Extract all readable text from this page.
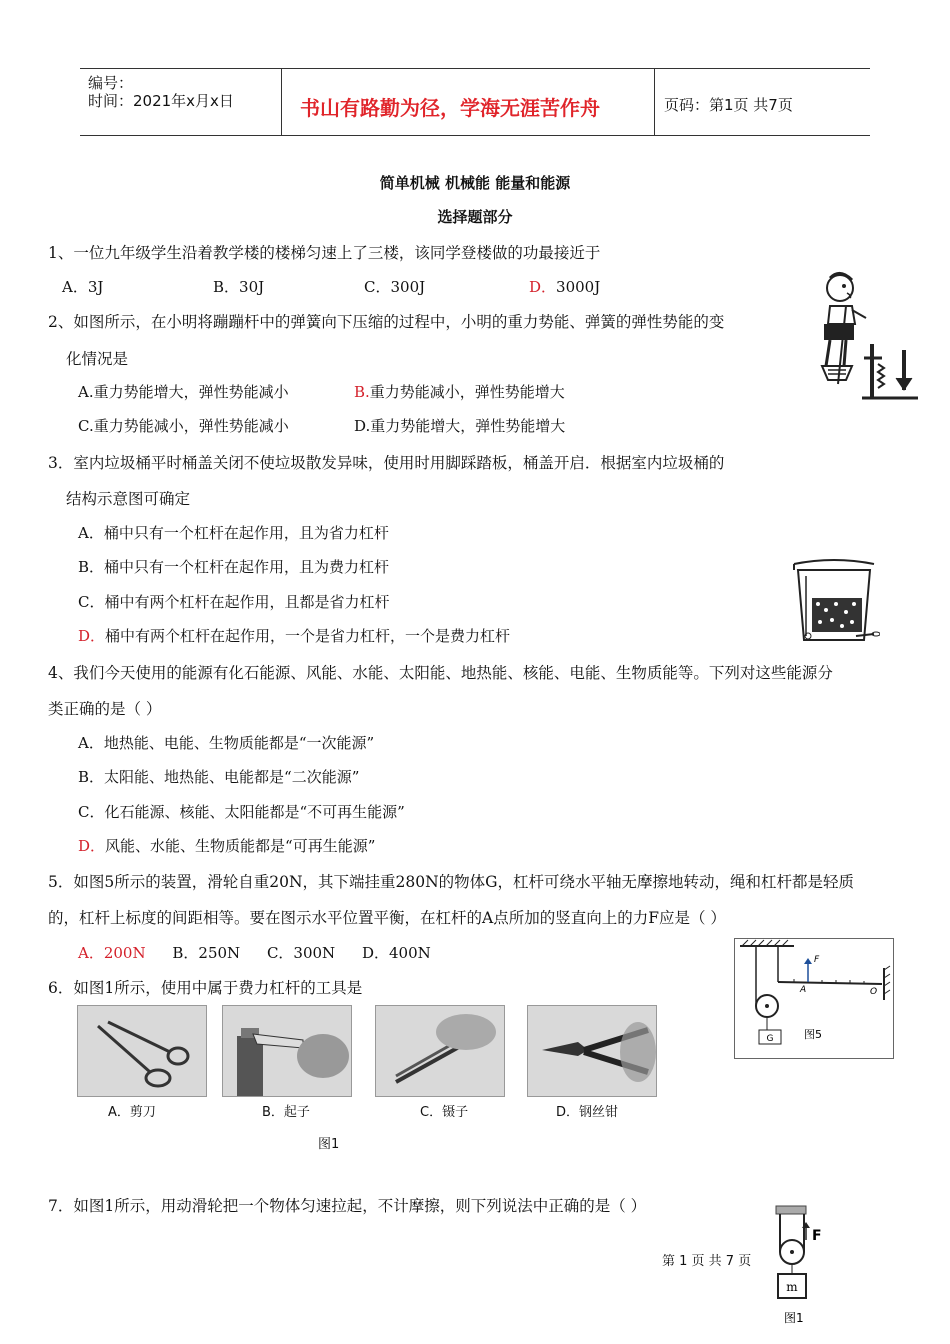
编号：
时间：2021年x月x日	书山有路勤为径，学海无涯苦作舟	页码：第1页 共7页
简单机械 机械能 能量和能源
选择题部分
1、一位九年级学生沿着教学楼的楼梯匀速上了三楼，该同学登楼做的功最接近于
A．3J	B．30J	C．300J	D．3000J
2、如图所示，在小明将蹦蹦杆中的弹簧向下压缩的过程中，小明的重力势能、弹簧的弹性势能的变
化情况是
A.重力势能增大，弹性势能减小	B.重力势能减小，弹性势能增大
C.重力势能减小，弹性势能减小	D.重力势能增大，弹性势能增大
3．室内垃圾桶平时桶盖关闭不使垃圾散发异味，使用时用脚踩踏板，桶盖开启．根据室内垃圾桶的
结构示意图可确定
A．桶中只有一个杠杆在起作用，且为省力杠杆
B．桶中只有一个杠杆在起作用，且为费力杠杆
C．桶中有两个杠杆在起作用，且都是省力杠杆
D．桶中有两个杠杆在起作用，一个是省力杠杆，一个是费力杠杆
4、我们今天使用的能源有化石能源、风能、水能、太阳能、地热能、核能、电能、生物质能等。下列对这些能源分
类正确的是（ ）
A．地热能、电能、生物质能都是“一次能源”
B．太阳能、地热能、电能都是“二次能源”
C．化石能源、核能、太阳能都是“不可再生能源”
D．风能、水能、生物质能都是“可再生能源”
5．如图5所示的装置，滑轮自重20N，其下端挂重280N的物体G，杠杆可绕水平轴无摩擦地转动，绳和杠杆都是轻质
的，杠杆上标度的间距相等。要在图示水平位置平衡，在杠杆的A点所加的竖直向上的力F应是（ ）
A．200N B．250N C．300N D．400N
G
F
A	O
图5
6．如图1所示，使用中属于费力杠杆的工具是
A．剪刀	B．起子	C．镊子	D．钢丝钳
图1
7．如图1所示，用动滑轮把一个物体匀速拉起，不计摩擦，则下列说法中正确的是（ ）
第 1 页 共 7 页
F
m
图1
